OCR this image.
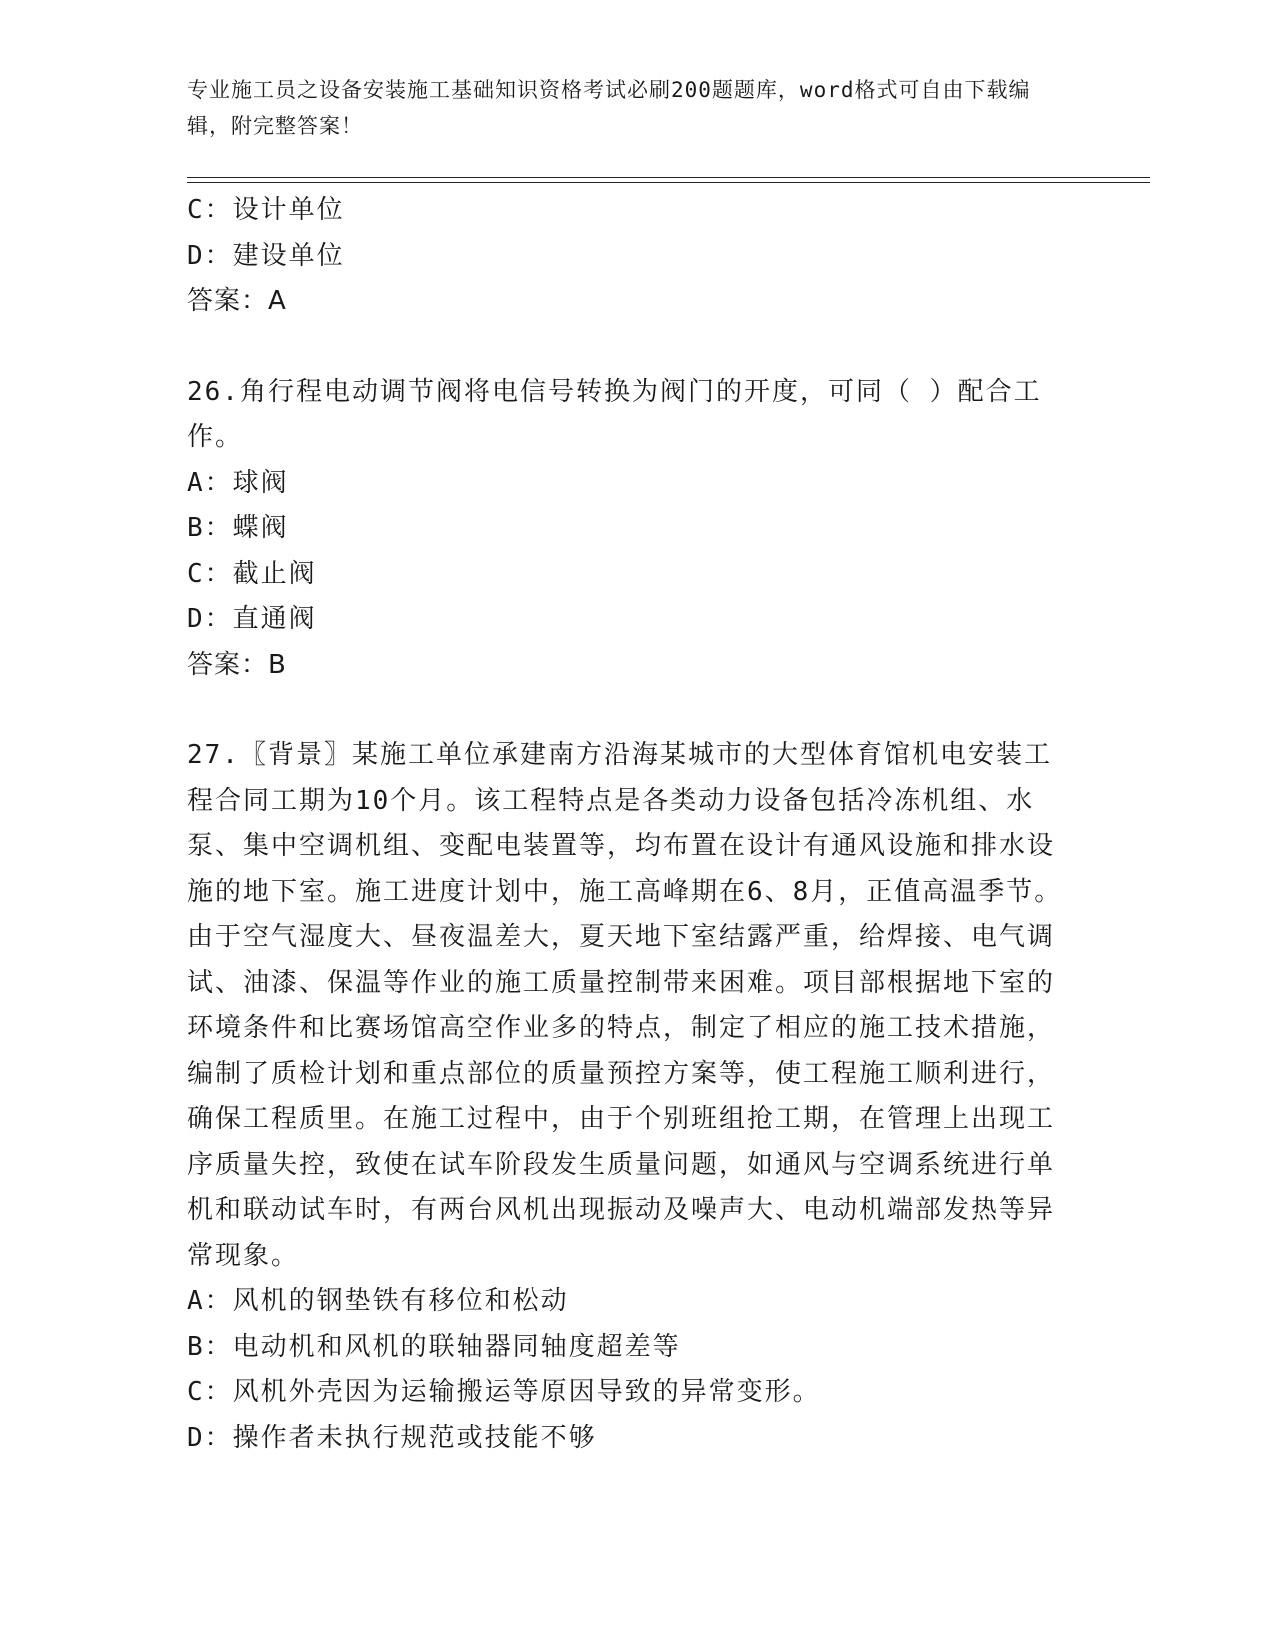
专业施工员之设备安装施工基础知识资格考试必刷200题题库，word格式可自由下载编辑，附完整答案！

C：设计单位

D：建设单位

答案：A

26.角行程电动调节阀将电信号转换为阀门的开度，可同（ ）配合工作。

A：球阀

B：蝶阀

C：截止阀

D：直通阀

答案：B

27.〖背景〗某施工单位承建南方沿海某城市的大型体育馆机电安装工程合同工期为10个月。该工程特点是各类动力设备包括冷冻机组、水泵、集中空调机组、变配电装置等，均布置在设计有通风设施和排水设施的地下室。施工进度计划中，施工高峰期在6、8月，正值高温季节。由于空气湿度大、昼夜温差大，夏天地下室结露严重，给焊接、电气调试、油漆、保温等作业的施工质量控制带来困难。项目部根据地下室的环境条件和比赛场馆高空作业多的特点，制定了相应的施工技术措施，编制了质检计划和重点部位的质量预控方案等，使工程施工顺利进行，确保工程质里。在施工过程中，由于个别班组抢工期，在管理上出现工序质量失控，致使在试车阶段发生质量问题，如通风与空调系统进行单机和联动试车时，有两台风机出现振动及噪声大、电动机端部发热等异常现象。

A：风机的钢垫铁有移位和松动

B：电动机和风机的联轴器同轴度超差等

C：风机外壳因为运输搬运等原因导致的异常变形。

D：操作者未执行规范或技能不够
